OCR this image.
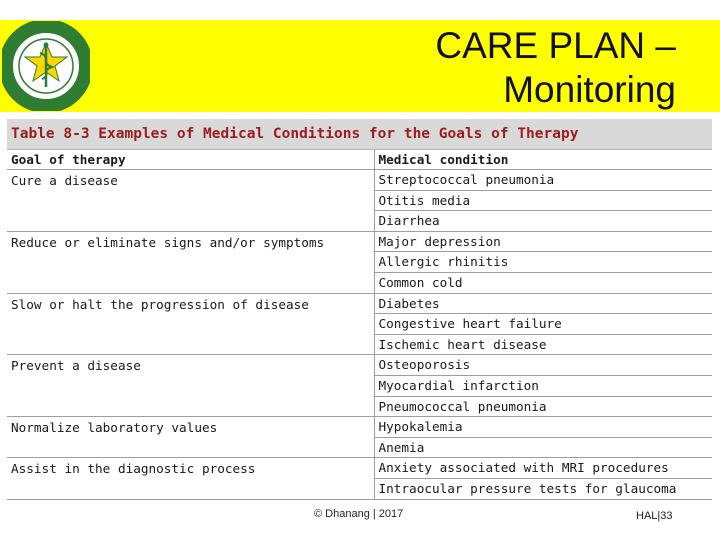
CARE PLAN –
Monitoring
Table 8-3 Examples of Medical Conditions for the Goals of Therapy
Goal of therapy	Medical condition
Cure a disease	Streptococcal pneumonia
	Otitis media
	Diarrhea
Reduce or eliminate signs and/or symptoms	Major depression
	Allergic rhinitis
	Common cold
Slow or halt the progression of disease	Diabetes
	Congestive heart failure
	Ischemic heart disease
Prevent a disease	Osteoporosis
	Myocardial infarction
	Pneumococcal pneumonia
Normalize laboratory values	Hypokalemia
	Anemia
Assist in the diagnostic process	Anxiety associated with MRI procedures
	Intraocular pressure tests for glaucoma
© Dhanang | 2017	HAL|33
